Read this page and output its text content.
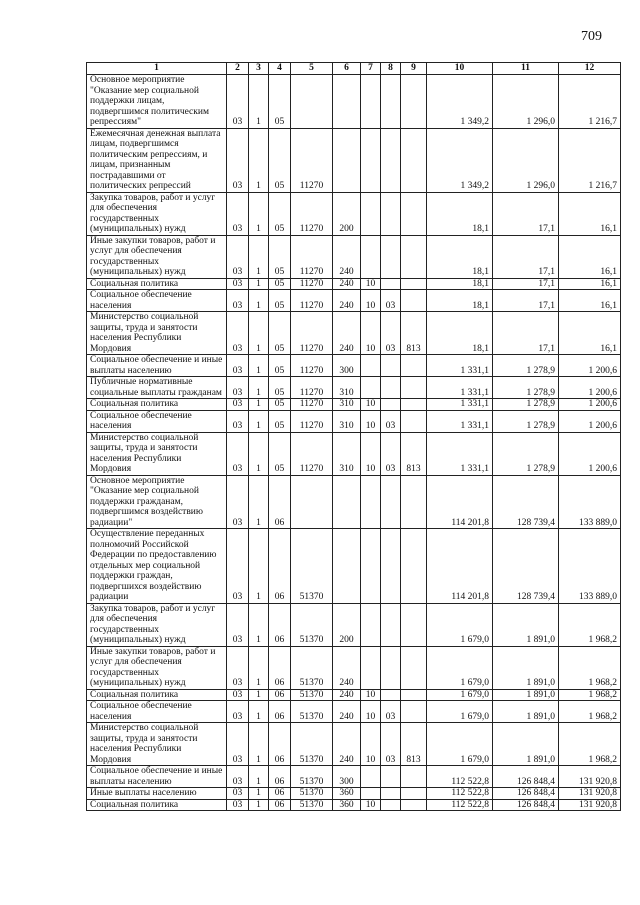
709
1	2	3	4	5	6	7	8	9	10	11	12
Основное мероприятие "Оказание мер социальной поддержки лицам, подвергшимся политическим репрессиям"	03	1	05						1 349,2	1 296,0	1 216,7
Ежемесячная денежная выплата лицам, подвергшимся политическим репрессиям, и лицам, признанным пострадавшими от политических репрессий	03	1	05	11270					1 349,2	1 296,0	1 216,7
Закупка товаров, работ и услуг для обеспечения государственных (муниципальных) нужд	03	1	05	11270	200				18,1	17,1	16,1
Иные закупки товаров, работ и услуг для обеспечения государственных (муниципальных) нужд	03	1	05	11270	240				18,1	17,1	16,1
Социальная политика	03	1	05	11270	240	10			18,1	17,1	16,1
Социальное обеспечение населения	03	1	05	11270	240	10	03		18,1	17,1	16,1
Министерство социальной защиты, труда и занятости населения Республики Мордовия	03	1	05	11270	240	10	03	813	18,1	17,1	16,1
Социальное обеспечение и иные выплаты населению	03	1	05	11270	300				1 331,1	1 278,9	1 200,6
Публичные нормативные социальные выплаты гражданам	03	1	05	11270	310				1 331,1	1 278,9	1 200,6
Социальная политика	03	1	05	11270	310	10			1 331,1	1 278,9	1 200,6
Социальное обеспечение населения	03	1	05	11270	310	10	03		1 331,1	1 278,9	1 200,6
Министерство социальной защиты, труда и занятости населения Республики Мордовия	03	1	05	11270	310	10	03	813	1 331,1	1 278,9	1 200,6
Основное мероприятие "Оказание мер социальной поддержки гражданам, подвергшимся воздействию радиации"	03	1	06						114 201,8	128 739,4	133 889,0
Осуществление переданных полномочий Российской Федерации по предоставлению отдельных мер социальной поддержки граждан, подвергшихся воздействию радиации	03	1	06	51370					114 201,8	128 739,4	133 889,0
Закупка товаров, работ и услуг для обеспечения государственных (муниципальных) нужд	03	1	06	51370	200				1 679,0	1 891,0	1 968,2
Иные закупки товаров, работ и услуг для обеспечения государственных (муниципальных) нужд	03	1	06	51370	240				1 679,0	1 891,0	1 968,2
Социальная политика	03	1	06	51370	240	10			1 679,0	1 891,0	1 968,2
Социальное обеспечение населения	03	1	06	51370	240	10	03		1 679,0	1 891,0	1 968,2
Министерство социальной защиты, труда и занятости населения Республики Мордовия	03	1	06	51370	240	10	03	813	1 679,0	1 891,0	1 968,2
Социальное обеспечение и иные выплаты населению	03	1	06	51370	300				112 522,8	126 848,4	131 920,8
Иные выплаты населению	03	1	06	51370	360				112 522,8	126 848,4	131 920,8
Социальная политика	03	1	06	51370	360	10			112 522,8	126 848,4	131 920,8
